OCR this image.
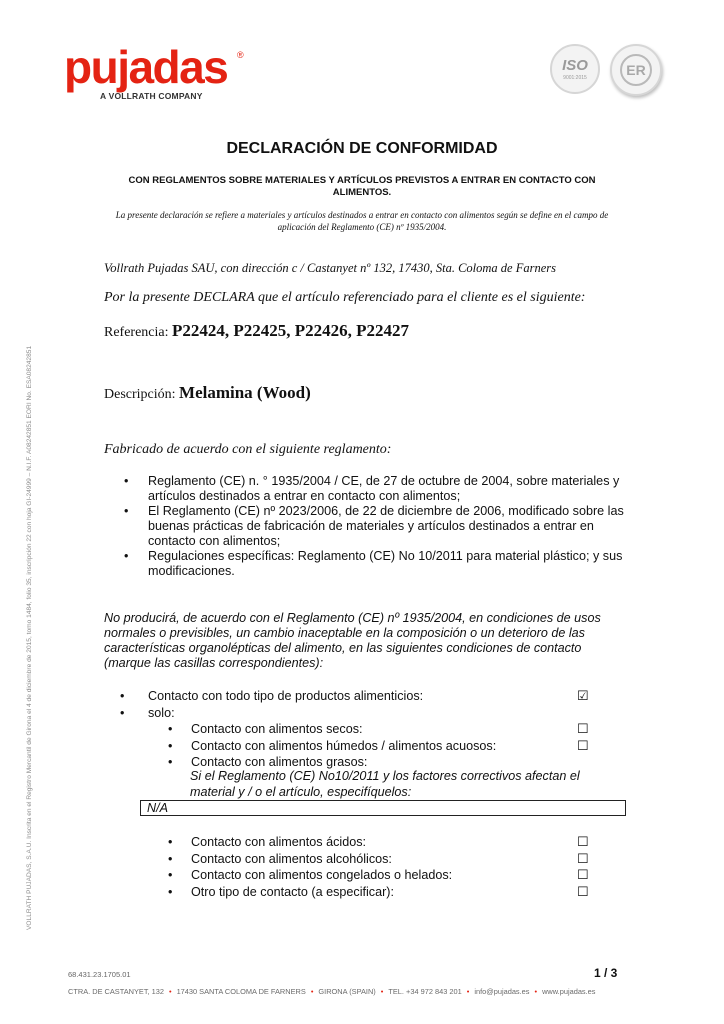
pujadas ®
A VOLLRATH COMPANY
ISO
9001:2015	ER
VOLLRATH PUJADAS, S.A.U. Inscrita en el Registro Mercantil de Girona el 4 de diciembre de 2015, tomo 1484, folio 35, inscripción 22 con hoja GI-24999 – N.I.F. A08242851 EORI No. ESA08242851
DECLARACIÓN DE CONFORMIDAD
CON REGLAMENTOS SOBRE MATERIALES Y ARTÍCULOS PREVISTOS A ENTRAR EN CONTACTO CON ALIMENTOS.
La presente declaración se refiere a materiales y artículos destinados a entrar en contacto con alimentos según se define en el campo de aplicación del Reglamento (CE) nº 1935/2004.
Vollrath Pujadas SAU, con dirección c / Castanyet nº 132, 17430, Sta. Coloma de Farners
Por la presente DECLARA que el artículo referenciado para el cliente es el siguiente:
Referencia: P22424, P22425, P22426, P22427
Descripción: Melamina (Wood)
Fabricado de acuerdo con el siguiente reglamento:
• Reglamento (CE) n. ° 1935/2004 / CE, de 27 de octubre de 2004, sobre materiales y artículos destinados a entrar en contacto con alimentos;
• El Reglamento (CE) nº 2023/2006, de 22 de diciembre de 2006, modificado sobre las buenas prácticas de fabricación de materiales y artículos destinados a entrar en contacto con alimentos;
• Regulaciones específicas: Reglamento (CE) No 10/2011 para material plástico; y sus modificaciones.
No producirá, de acuerdo con el Reglamento (CE) nº 1935/2004, en condiciones de usos normales o previsibles, un cambio inaceptable en la composición o un deterioro de las características organolépticas del alimento, en las siguientes condiciones de contacto (marque las casillas correspondientes):
• Contacto con todo tipo de productos alimenticios:	☑
• solo:
• Contacto con alimentos secos:	☐
• Contacto con alimentos húmedos / alimentos acuosos:	☐
• Contacto con alimentos grasos:
Si el Reglamento (CE) No10/2011 y los factores correctivos afectan el material y / o el artículo, especifíquelos:
N/A
• Contacto con alimentos ácidos:	☐
• Contacto con alimentos alcohólicos:	☐
• Contacto con alimentos congelados o helados:	☐
• Otro tipo de contacto (a especificar):	☐
68.431.23.1705.01	1 / 3
CTRA. DE CASTANYET, 132 • 17430 SANTA COLOMA DE FARNERS • GIRONA (SPAIN) • TEL. +34 972 843 201 • info@pujadas.es • www.pujadas.es
